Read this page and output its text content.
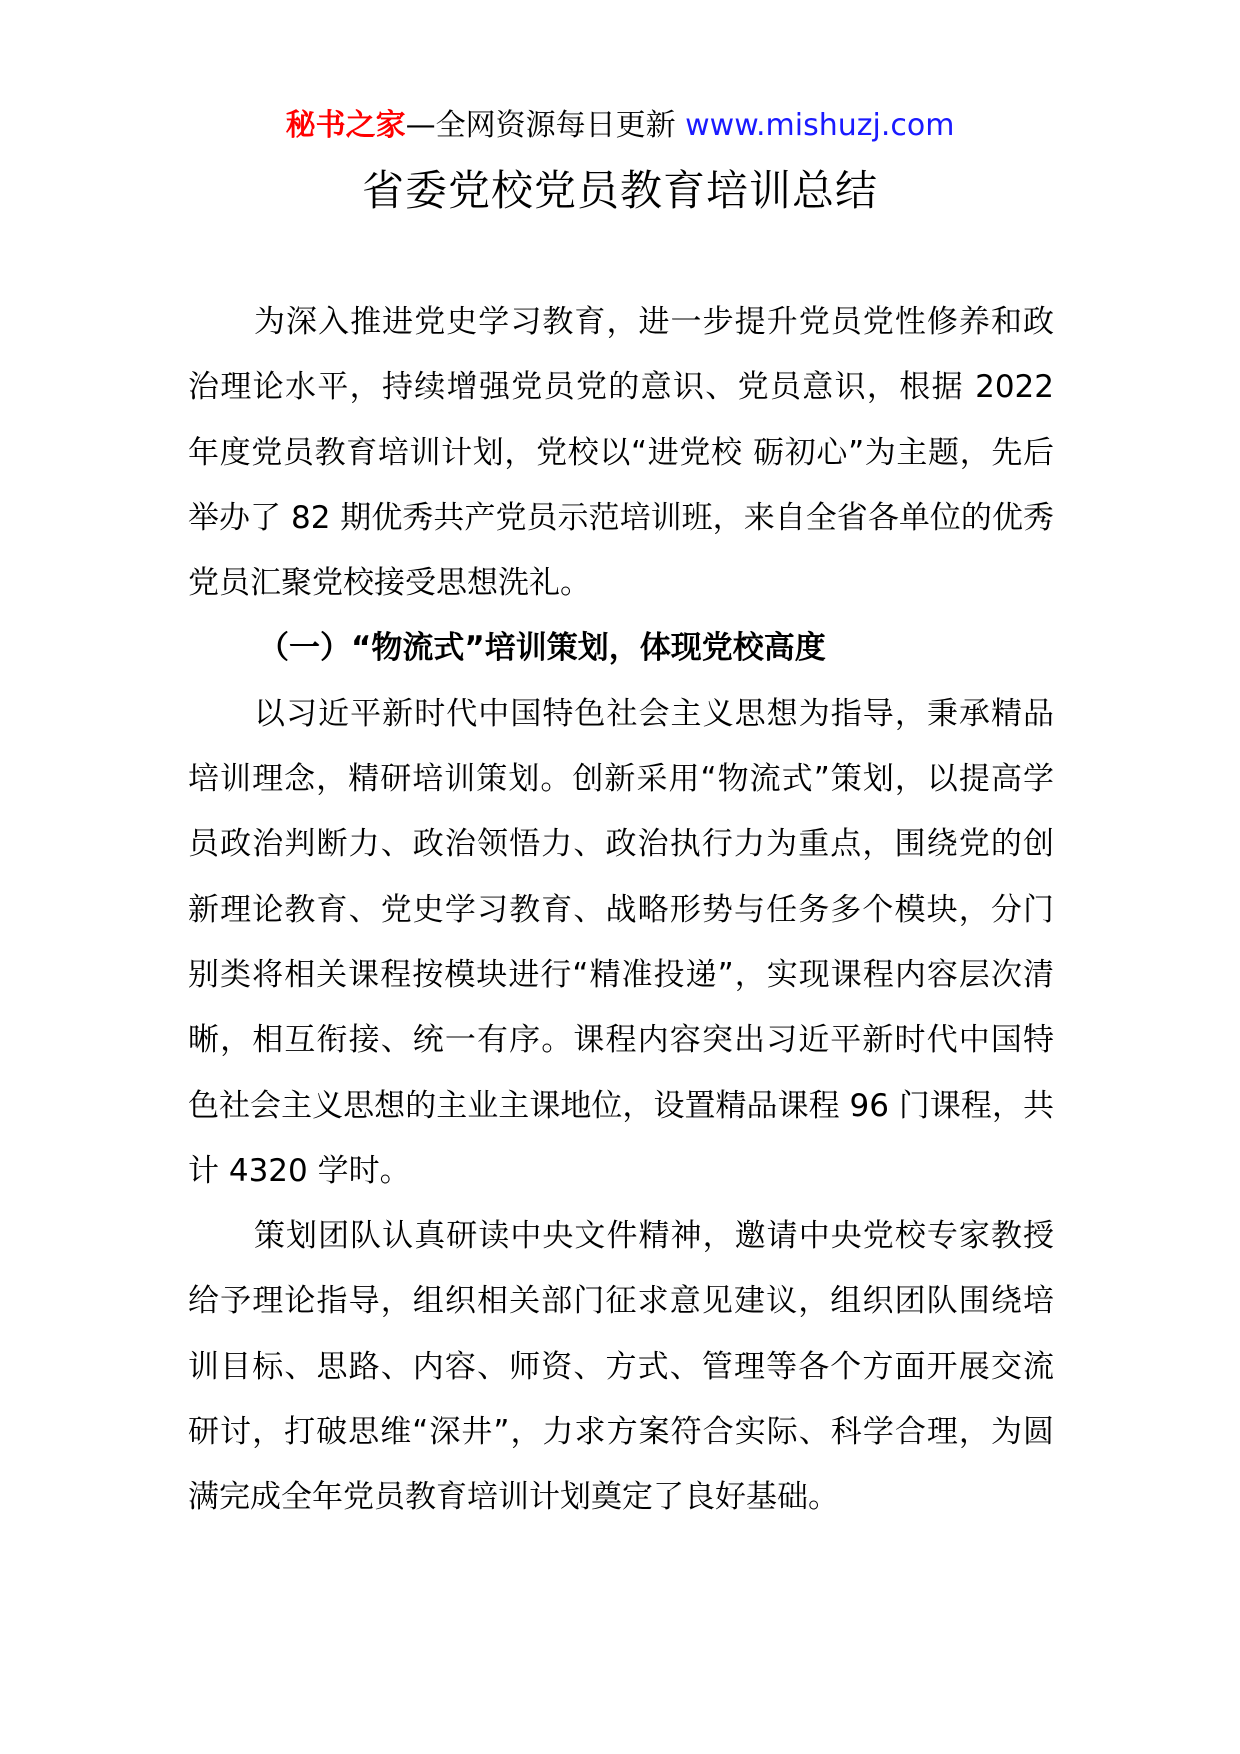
秘书之家—全网资源每日更新 www.mishuzj.com
省委党校党员教育培训总结

为深入推进党史学习教育，进一步提升党员党性修养和政治理论水平，持续增强党员党的意识、党员意识，根据 2022 年度党员教育培训计划，党校以“进党校 砺初心”为主题，先后举办了 82 期优秀共产党员示范培训班，来自全省各单位的优秀党员汇聚党校接受思想洗礼。

（一）“物流式”培训策划，体现党校高度

以习近平新时代中国特色社会主义思想为指导，秉承精品培训理念，精研培训策划。创新采用“物流式”策划，以提高学员政治判断力、政治领悟力、政治执行力为重点，围绕党的创新理论教育、党史学习教育、战略形势与任务多个模块，分门别类将相关课程按模块进行“精准投递”，实现课程内容层次清晰，相互衔接、统一有序。课程内容突出习近平新时代中国特色社会主义思想的主业主课地位，设置精品课程 96 门课程，共计 4320 学时。

策划团队认真研读中央文件精神，邀请中央党校专家教授给予理论指导，组织相关部门征求意见建议，组织团队围绕培训目标、思路、内容、师资、方式、管理等各个方面开展交流研讨，打破思维“深井”，力求方案符合实际、科学合理，为圆满完成全年党员教育培训计划奠定了良好基础。
